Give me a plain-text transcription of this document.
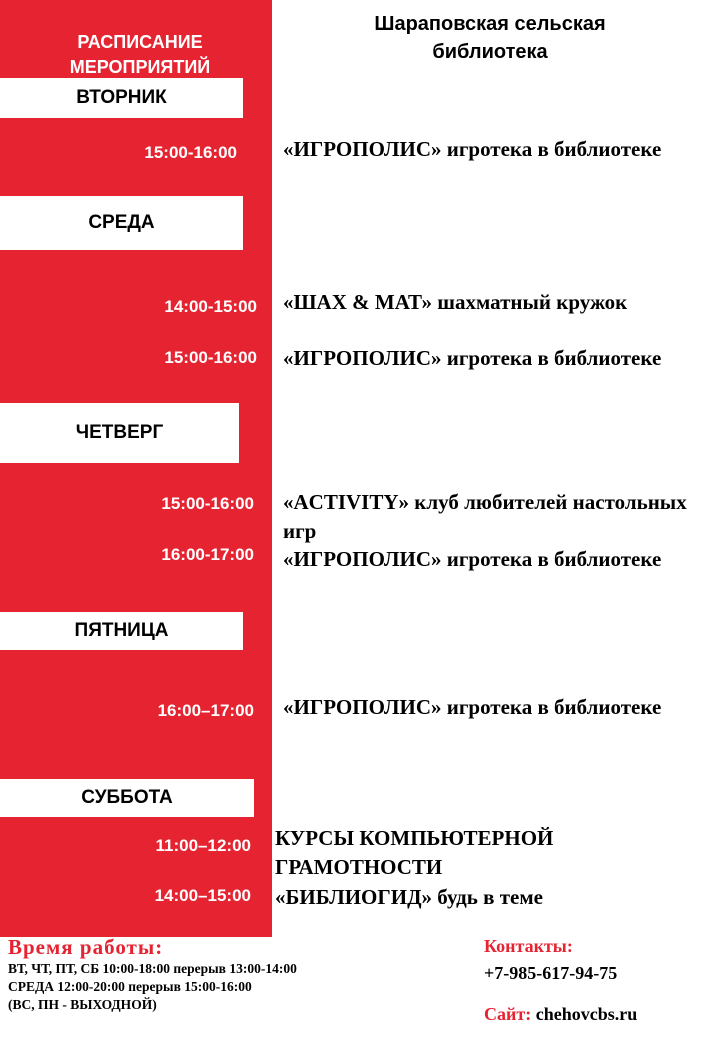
РАСПИСАНИЕ МЕРОПРИЯТИЙ
Шараповская сельская библиотека
ВТОРНИК
15:00-16:00 «ИГРОПОЛИС» игротека в библиотеке
СРЕДА
14:00-15:00 «ШАХ & МАТ» шахматный кружок
15:00-16:00 «ИГРОПОЛИС» игротека в библиотеке
ЧЕТВЕРГ
15:00-16:00 «ACTIVITY» клуб любителей настольных игр
16:00-17:00 «ИГРОПОЛИС» игротека в библиотеке
ПЯТНИЦА
16:00–17:00 «ИГРОПОЛИС» игротека в библиотеке
СУББОТА
11:00–12:00 КУРСЫ КОМПЬЮТЕРНОЙ ГРАМОТНОСТИ
14:00–15:00 «БИБЛИОГИД» будь в теме
Время работы:
ВТ, ЧТ, ПТ, СБ 10:00-18:00 перерыв 13:00-14:00
СРЕДА 12:00-20:00 перерыв 15:00-16:00
(ВС, ПН - ВЫХОДНОЙ)
Контакты:
+7-985-617-94-75
Сайт: chehovcbs.ru
